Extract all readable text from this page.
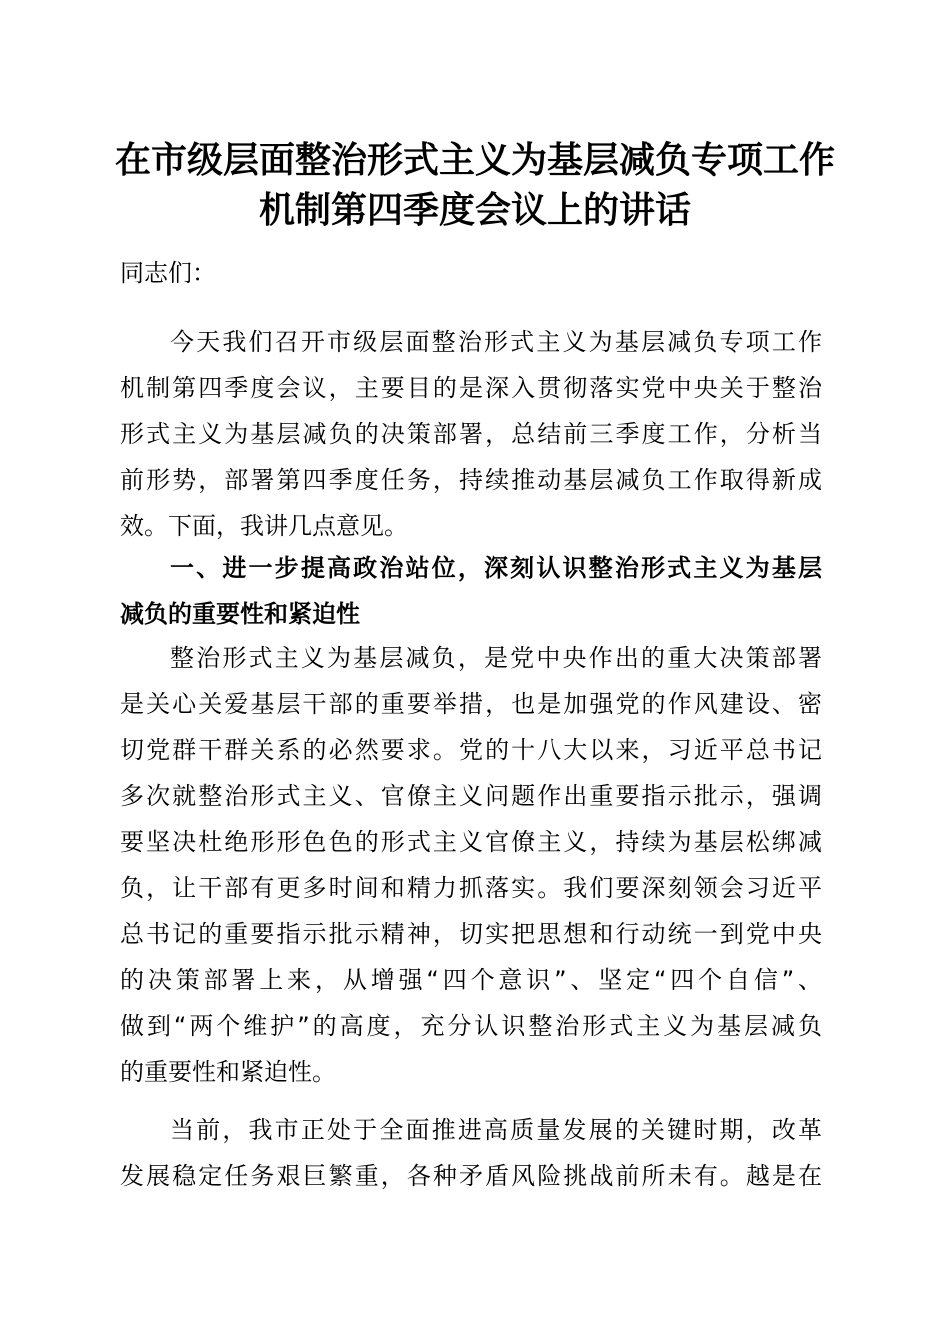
在市级层面整治形式主义为基层减负专项工作
机制第四季度会议上的讲话
同志们：
今天我们召开市级层面整治形式主义为基层减负专项工作
机制第四季度会议，主要目的是深入贯彻落实党中央关于整治
形式主义为基层减负的决策部署，总结前三季度工作，分析当
前形势，部署第四季度任务，持续推动基层减负工作取得新成
效。下面，我讲几点意见。
一、进一步提高政治站位，深刻认识整治形式主义为基层
减负的重要性和紧迫性
整治形式主义为基层减负，是党中央作出的重大决策部署
是关心关爱基层干部的重要举措，也是加强党的作风建设、密
切党群干群关系的必然要求。党的十八大以来，习近平总书记
多次就整治形式主义、官僚主义问题作出重要指示批示，强调
要坚决杜绝形形色色的形式主义官僚主义，持续为基层松绑减
负，让干部有更多时间和精力抓落实。我们要深刻领会习近平
总书记的重要指示批示精神，切实把思想和行动统一到党中央
的决策部署上来，从增强“四个意识”、坚定“四个自信”、
做到“两个维护”的高度，充分认识整治形式主义为基层减负
的重要性和紧迫性。
当前，我市正处于全面推进高质量发展的关键时期，改革
发展稳定任务艰巨繁重，各种矛盾风险挑战前所未有。越是在
